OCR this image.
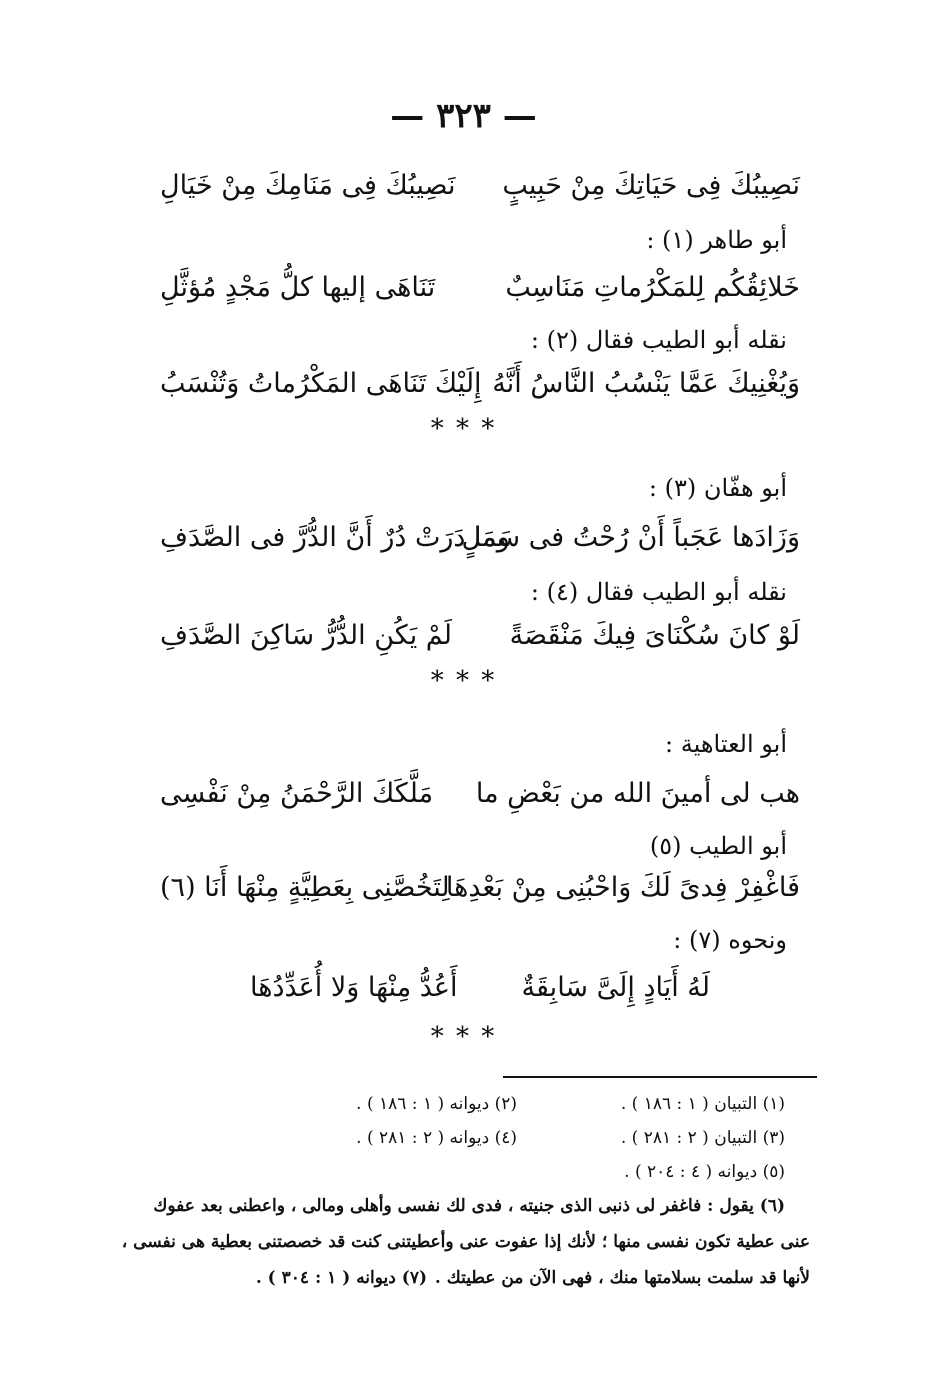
— ٣٢٣ —
نَصِيبُكَ فِى حَيَاتِكَ مِنْ حَبِيبٍ
نَصِيبُكَ فِى مَنَامِكَ مِنْ خَيَالِ
أبو طاهر (١) :
خَلائِقُكُم لِلمَكْرُماتِ مَنَاسِبٌ
تَنَاهَى إليها كلُّ مَجْدٍ مُؤثَّلِ
نقله أبو الطيب فقال (٢) :
وَيُغْنِيكَ عَمَّا يَنْسُبُ النَّاسُ أَنَّهُ
إِلَيْكَ تَنَاهَى المَكْرُماتُ وَتُنْسَبُ
* * *
أبو هفّان (٣) :
وَزَادَها عَجَباً أَنْ رُحْتُ فى سَمَلٍ
وما دَرَتْ دُرٌ أَنَّ الدُّرَّ فى الصَّدَفِ
نقله أبو الطيب فقال (٤) :
لَوْ كانَ سُكْنَاىَ فِيكَ مَنْقَصَةً
لَمْ يَكُنِ الدُّرُّ سَاكِنَ الصَّدَفِ
* * *
أبو العتاهية :
هب لى أمينَ الله من بَعْضِ ما
مَلَّكَكَ الرَّحْمَنُ مِنْ نَفْسِى
أبو الطيب (٥)
فَاغْفِرْ فِدىً لَكَ وَاحْبُنِى مِنْ بَعْدِهَا
لِتَخُصَّنِى بِعَطِيَّةٍ مِنْهَا أَنَا (٦)
ونحوه (٧) :
لَهُ أَيَادٍ إِلَىَّ سَابِقَةٌ
أَعُدُّ مِنْهَا وَلا أُعَدِّدُهَا
* * *
(١) التبيان ( ١ : ١٨٦ ) .
(٢) ديوانه ( ١ : ١٨٦ ) .
(٣) التبيان ( ٢ : ٢٨١ ) .
(٤) ديوانه ( ٢ : ٢٨١ ) .
(٥) ديوانه ( ٤ : ٢٠٤ ) .
(٦) يقول : فاغفر لى ذنبى الذى جنيته ، فدى لك نفسى وأهلى ومالى ، واعطنى بعد عفوك
عنى عطية تكون نفسى منها ؛ لأنك إذا عفوت عنى وأعطيتنى كنت قد خصصتنى بعطية هى نفسى ،
لأنها قد سلمت بسلامتها منك ، فهى الآن من عطيتك .
(٧) ديوانه ( ١ : ٣٠٤ ) .
